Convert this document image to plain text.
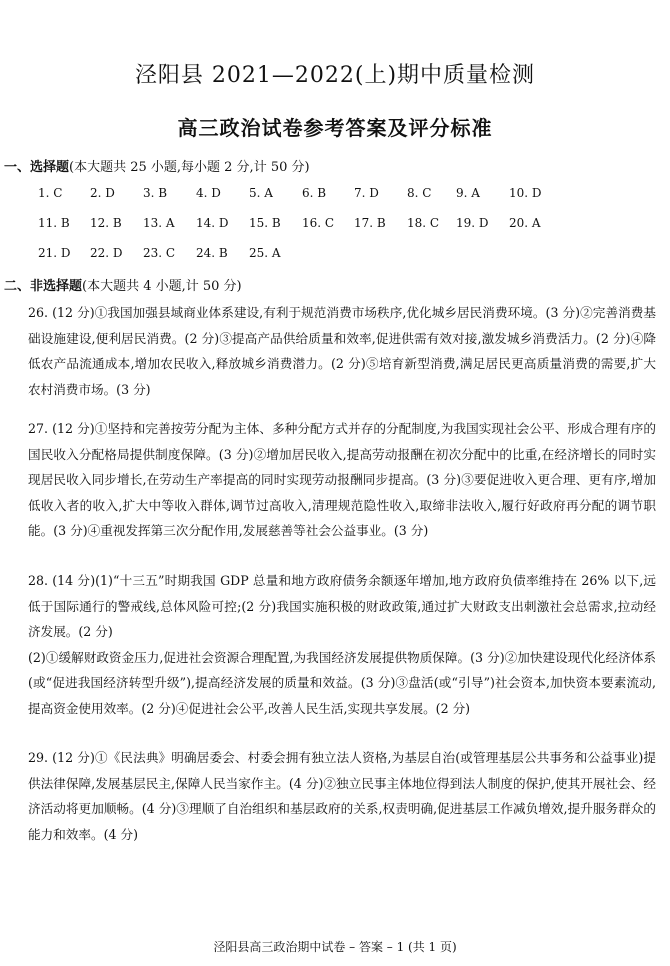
泾阳县 2021—2022(上)期中质量检测
高三政治试卷参考答案及评分标准
一、选择题(本大题共 25 小题,每小题 2 分,计 50 分)
1. C 2. D 3. B 4. D 5. A 6. B 7. D 8. C 9. A 10. D
11. B 12. B 13. A 14. D 15. B 16. C 17. B 18. C 19. D 20. A
21. D 22. D 23. C 24. B 25. A
二、非选择题(本大题共 4 小题,计 50 分)

26. (12 分)①我国加强县域商业体系建设,有利于规范消费市场秩序,优化城乡居民消费环境。(3 分)②完善消费基础设施建设,便利居民消费。(2 分)③提高产品供给质量和效率,促进供需有效对接,激发城乡消费活力。(2 分)④降低农产品流通成本,增加农民收入,释放城乡消费潜力。(2 分)⑤培育新型消费,满足居民更高质量消费的需要,扩大农村消费市场。(3 分)

27. (12 分)①坚持和完善按劳分配为主体、多种分配方式并存的分配制度,为我国实现社会公平、形成合理有序的国民收入分配格局提供制度保障。(3 分)②增加居民收入,提高劳动报酬在初次分配中的比重,在经济增长的同时实现居民收入同步增长,在劳动生产率提高的同时实现劳动报酬同步提高。(3 分)③要促进收入更合理、更有序,增加低收入者的收入,扩大中等收入群体,调节过高收入,清理规范隐性收入,取缔非法收入,履行好政府再分配的调节职能。(3 分)④重视发挥第三次分配作用,发展慈善等社会公益事业。(3 分)

28. (14 分)(1)“十三五”时期我国 GDP 总量和地方政府债务余额逐年增加,地方政府负债率维持在 26% 以下,远低于国际通行的警戒线,总体风险可控;(2 分)我国实施积极的财政政策,通过扩大财政支出刺激社会总需求,拉动经济发展。(2 分)

(2)①缓解财政资金压力,促进社会资源合理配置,为我国经济发展提供物质保障。(3 分)②加快建设现代化经济体系(或“促进我国经济转型升级”),提高经济发展的质量和效益。(3 分)③盘活(或“引导”)社会资本,加快资本要素流动,提高资金使用效率。(2 分)④促进社会公平,改善人民生活,实现共享发展。(2 分)

29. (12 分)①《民法典》明确居委会、村委会拥有独立法人资格,为基层自治(或管理基层公共事务和公益事业)提供法律保障,发展基层民主,保障人民当家作主。(4 分)②独立民事主体地位得到法人制度的保护,使其开展社会、经济活动将更加顺畅。(4 分)③理顺了自治组织和基层政府的关系,权责明确,促进基层工作减负增效,提升服务群众的能力和效率。(4 分)

泾阳县高三政治期中试卷 – 答案 – 1 (共 1 页)
